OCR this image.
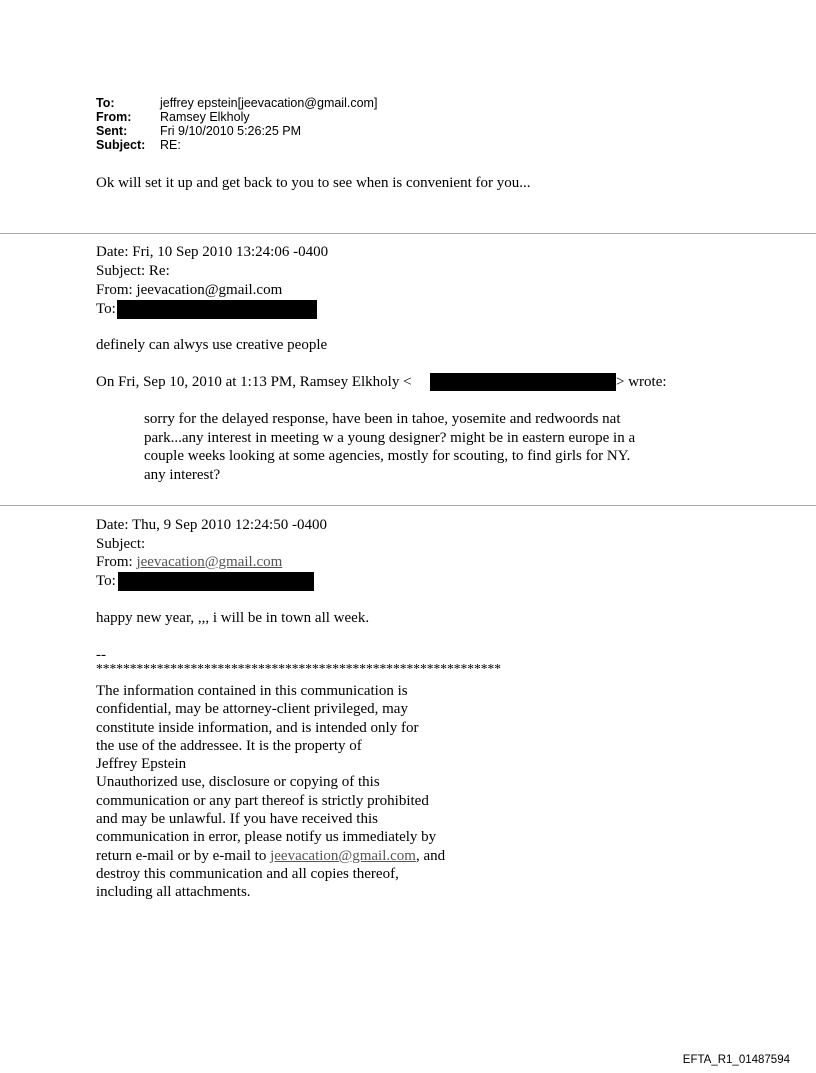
To:	jeffrey epstein[jeevacation@gmail.com]
From: Ramsey Elkholy
Sent:	Fri 9/10/2010 5:26:25 PM
Subject: RE:
Ok will set it up and get back to you to see when is convenient for you...
Date: Fri, 10 Sep 2010 13:24:06 -0400
Subject: Re:
From: jeevacation@gmail.com
To:
definely can alwys use creative people
On Fri, Sep 10, 2010 at 1:13 PM, Ramsey Elkholy <	> wrote:
sorry for the delayed response, have been in tahoe, yosemite and redwoords nat
park...any interest in meeting w a young designer? might be in eastern europe in a
couple weeks looking at some agencies, mostly for scouting, to find girls for NY.
any interest?
Date: Thu, 9 Sep 2010 12:24:50 -0400
Subject:
From: jeevacation@gmail.com
To:
happy new year, ,,, i will be in town all week.
--
************************************************************
The information contained in this communication is
confidential, may be attorney-client privileged, may
constitute inside information, and is intended only for
the use of the addressee. It is the property of
Jeffrey Epstein
Unauthorized use, disclosure or copying of this
communication or any part thereof is strictly prohibited
and may be unlawful. If you have received this
communication in error, please notify us immediately by
return e-mail or by e-mail to jeevacation@gmail.com, and
destroy this communication and all copies thereof,
including all attachments.
EFTA_R1_01487594
